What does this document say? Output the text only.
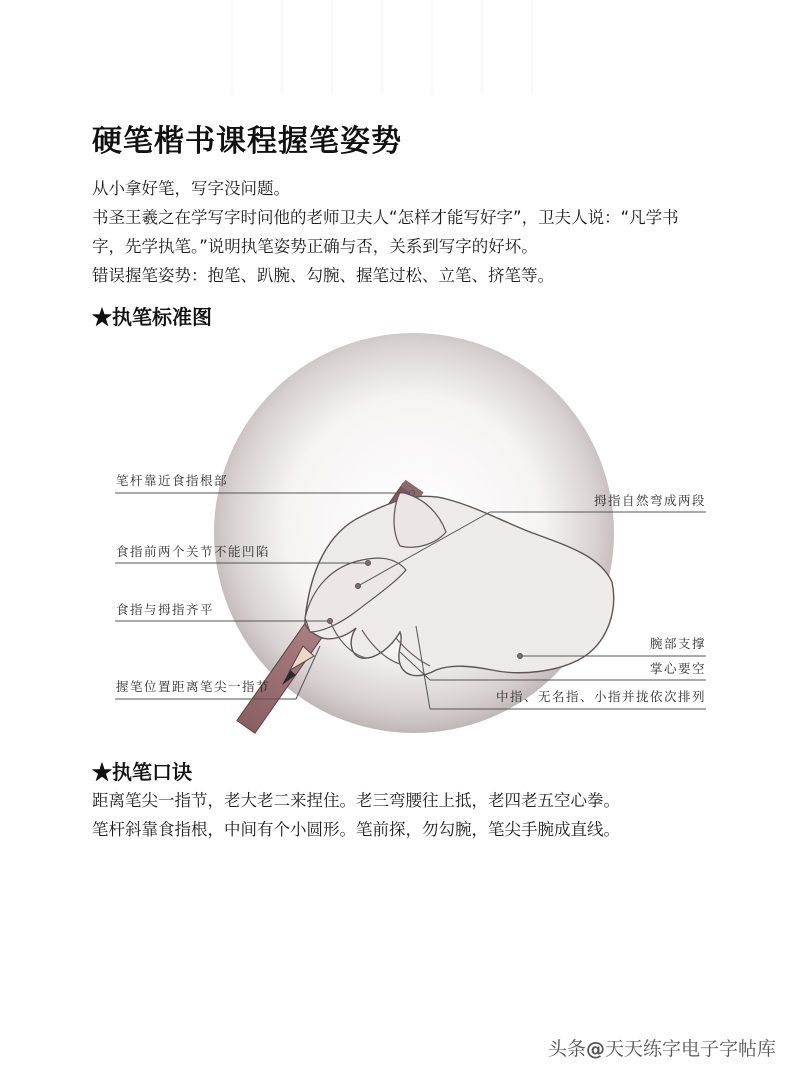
硬笔楷书课程握笔姿势
从小拿好笔，写字没问题。
书圣王羲之在学写字时问他的老师卫夫人“怎样才能写好字”，卫夫人说：“凡学书
字，先学执笔。”说明执笔姿势正确与否，关系到写字的好坏。
错误握笔姿势：抱笔、趴腕、勾腕、握笔过松、立笔、挤笔等。
★执笔标准图
笔杆靠近食指根部
食指前两个关节不能凹陷
食指与拇指齐平
握笔位置距离笔尖一指节
拇指自然弯成两段
腕部支撑
掌心要空
中指、无名指、小指并拢依次排列
★执笔口诀
距离笔尖一指节，老大老二来捏住。老三弯腰往上抵，老四老五空心拳。
笔杆斜靠食指根，中间有个小圆形。笔前探，勿勾腕，笔尖手腕成直线。
头条@天天练字电子字帖库
